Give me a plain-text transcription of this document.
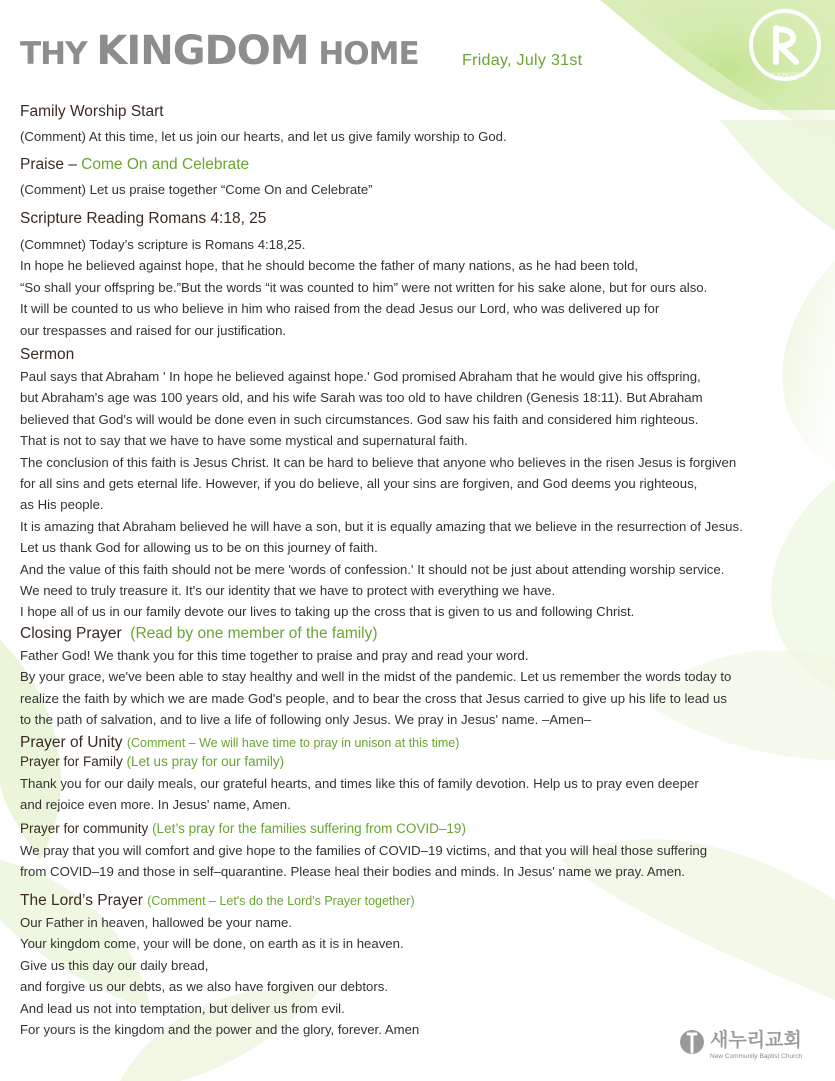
THY KINGDOM HOME	Friday, July 31st
THY KINGDOM
Family Worship Start
(Comment) At this time, let us join our hearts, and let us give family worship to God.
Praise – Come On and Celebrate
(Comment) Let us praise together “Come On and Celebrate”
Scripture Reading Romans 4:18, 25
(Commnet) Today’s scripture is Romans 4:18,25.
In hope he believed against hope, that he should become the father of many nations, as he had been told,
“So shall your offspring be.”But the words “it was counted to him” were not written for his sake alone, but for ours also.
It will be counted to us who believe in him who raised from the dead Jesus our Lord, who was delivered up for
our trespasses and raised for our justification.
Sermon
Paul says that Abraham ' In hope he believed against hope.' God promised Abraham that he would give his offspring,
but Abraham's age was 100 years old, and his wife Sarah was too old to have children (Genesis 18:11). But Abraham
believed that God's will would be done even in such circumstances. God saw his faith and considered him righteous.
That is not to say that we have to have some mystical and supernatural faith.
The conclusion of this faith is Jesus Christ. It can be hard to believe that anyone who believes in the risen Jesus is forgiven
for all sins and gets eternal life. However, if you do believe, all your sins are forgiven, and God deems you righteous,
as His people.
It is amazing that Abraham believed he will have a son, but it is equally amazing that we believe in the resurrection of Jesus.
Let us thank God for allowing us to be on this journey of faith.
And the value of this faith should not be mere 'words of confession.' It should not be just about attending worship service.
We need to truly treasure it. It's our identity that we have to protect with everything we have.
I hope all of us in our family devote our lives to taking up the cross that is given to us and following Christ.
Closing Prayer (Read by one member of the family)
Father God! We thank you for this time together to praise and pray and read your word.
By your grace, we've been able to stay healthy and well in the midst of the pandemic. Let us remember the words today to
realize the faith by which we are made God's people, and to bear the cross that Jesus carried to give up his life to lead us
to the path of salvation, and to live a life of following only Jesus. We pray in Jesus' name. –Amen–
Prayer of Unity (Comment – We will have time to pray in unison at this time)
Prayer for Family (Let us pray for our family)
Thank you for our daily meals, our grateful hearts, and times like this of family devotion. Help us to pray even deeper
and rejoice even more. In Jesus' name, Amen.
Prayer for community (Let’s pray for the families suffering from COVID–19)
We pray that you will comfort and give hope to the families of COVID–19 victims, and that you will heal those suffering
from COVID–19 and those in self–quarantine. Please heal their bodies and minds. In Jesus' name we pray. Amen.
The Lord’s Prayer (Comment – Let's do the Lord's Prayer together)
Our Father in heaven, hallowed be your name.
Your kingdom come, your will be done, on earth as it is in heaven.
Give us this day our daily bread,
and forgive us our debts, as we also have forgiven our debtors.
And lead us not into temptation, but deliver us from evil.
For yours is the kingdom and the power and the glory, forever. Amen	새누리교회
New Community Baptist Church
